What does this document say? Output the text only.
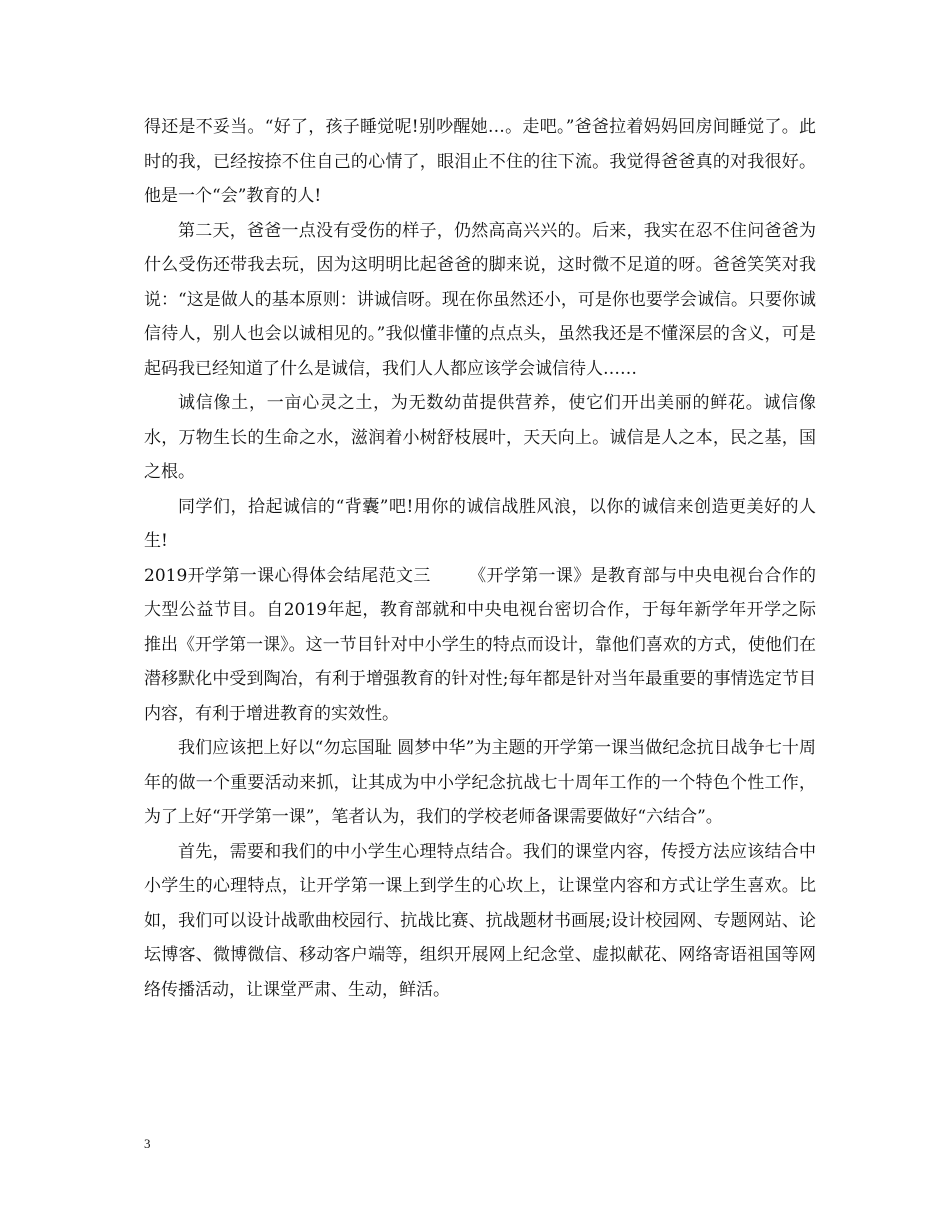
得还是不妥当。“好了，孩子睡觉呢!别吵醒她…。走吧。”爸爸拉着妈妈回房间睡觉了。此时的我，已经按捺不住自己的心情了，眼泪止不住的往下流。我觉得爸爸真的对我很好。他是一个“会”教育的人!

第二天，爸爸一点没有受伤的样子，仍然高高兴兴的。后来，我实在忍不住问爸爸为什么受伤还带我去玩，因为这明明比起爸爸的脚来说，这时微不足道的呀。爸爸笑笑对我说：“这是做人的基本原则：讲诚信呀。现在你虽然还小，可是你也要学会诚信。只要你诚信待人，别人也会以诚相见的。”我似懂非懂的点点头，虽然我还是不懂深层的含义，可是起码我已经知道了什么是诚信，我们人人都应该学会诚信待人……

诚信像土，一亩心灵之土，为无数幼苗提供营养，使它们开出美丽的鲜花。诚信像水，万物生长的生命之水，滋润着小树舒枝展叶，天天向上。诚信是人之本，民之基，国之根。

同学们，拾起诚信的“背囊”吧!用你的诚信战胜风浪，以你的诚信来创造更美好的人生!

2019开学第一课心得体会结尾范文三 《开学第一课》是教育部与中央电视台合作的大型公益节目。自2019年起，教育部就和中央电视台密切合作，于每年新学年开学之际推出《开学第一课》。这一节目针对中小学生的特点而设计，靠他们喜欢的方式，使他们在潜移默化中受到陶冶，有利于增强教育的针对性;每年都是针对当年最重要的事情选定节目内容，有利于增进教育的实效性。

我们应该把上好以“勿忘国耻 圆梦中华”为主题的开学第一课当做纪念抗日战争七十周年的做一个重要活动来抓，让其成为中小学纪念抗战七十周年工作的一个特色个性工作，为了上好“开学第一课”，笔者认为，我们的学校老师备课需要做好“六结合”。

首先，需要和我们的中小学生心理特点结合。我们的课堂内容，传授方法应该结合中小学生的心理特点，让开学第一课上到学生的心坎上，让课堂内容和方式让学生喜欢。比如，我们可以设计战歌曲校园行、抗战比赛、抗战题材书画展;设计校园网、专题网站、论坛博客、微博微信、移动客户端等，组织开展网上纪念堂、虚拟献花、网络寄语祖国等网络传播活动，让课堂严肃、生动，鲜活。

3
